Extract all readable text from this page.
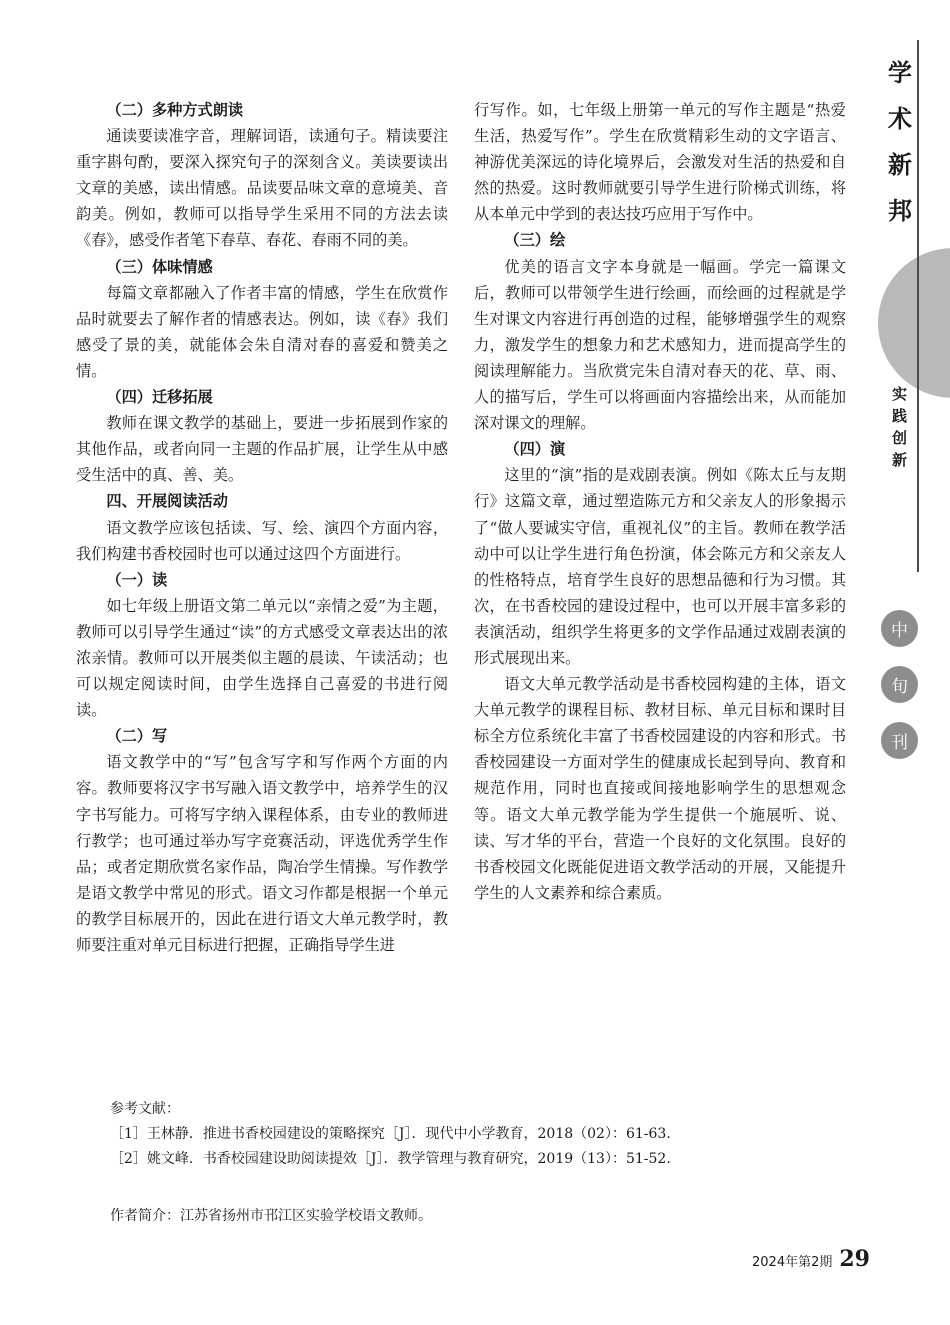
（二）多种方式朗读

通读要读准字音，理解词语，读通句子。精读要注重字斟句酌，要深入探究句子的深刻含义。美读要读出文章的美感，读出情感。品读要品味文章的意境美、音韵美。例如，教师可以指导学生采用不同的方法去读《春》，感受作者笔下春草、春花、春雨不同的美。

（三）体味情感

每篇文章都融入了作者丰富的情感，学生在欣赏作品时就要去了解作者的情感表达。例如，读《春》我们感受了景的美，就能体会朱自清对春的喜爱和赞美之情。

（四）迁移拓展

教师在课文教学的基础上，要进一步拓展到作家的其他作品，或者向同一主题的作品扩展，让学生从中感受生活中的真、善、美。

四、开展阅读活动

语文教学应该包括读、写、绘、演四个方面内容，我们构建书香校园时也可以通过这四个方面进行。

（一）读

如七年级上册语文第二单元以“亲情之爱”为主题，教师可以引导学生通过“读”的方式感受文章表达出的浓浓亲情。教师可以开展类似主题的晨读、午读活动；也可以规定阅读时间，由学生选择自己喜爱的书进行阅读。

（二）写

语文教学中的“写”包含写字和写作两个方面的内容。教师要将汉字书写融入语文教学中，培养学生的汉字书写能力。可将写字纳入课程体系，由专业的教师进行教学；也可通过举办写字竞赛活动，评选优秀学生作品；或者定期欣赏名家作品，陶冶学生情操。写作教学是语文教学中常见的形式。语文习作都是根据一个单元的教学目标展开的，因此在进行语文大单元教学时，教师要注重对单元目标进行把握，正确指导学生进

行写作。如，七年级上册第一单元的写作主题是“热爱生活，热爱写作”。学生在欣赏精彩生动的文字语言、神游优美深远的诗化境界后，会激发对生活的热爱和自然的热爱。这时教师就要引导学生进行阶梯式训练，将从本单元中学到的表达技巧应用于写作中。

（三）绘

优美的语言文字本身就是一幅画。学完一篇课文后，教师可以带领学生进行绘画，而绘画的过程就是学生对课文内容进行再创造的过程，能够增强学生的观察力，激发学生的想象力和艺术感知力，进而提高学生的阅读理解能力。当欣赏完朱自清对春天的花、草、雨、人的描写后，学生可以将画面内容描绘出来，从而能加深对课文的理解。

（四）演

这里的“演”指的是戏剧表演。例如《陈太丘与友期行》这篇文章，通过塑造陈元方和父亲友人的形象揭示了“做人要诚实守信，重视礼仪”的主旨。教师在教学活动中可以让学生进行角色扮演，体会陈元方和父亲友人的性格特点，培育学生良好的思想品德和行为习惯。其次，在书香校园的建设过程中，也可以开展丰富多彩的表演活动，组织学生将更多的文学作品通过戏剧表演的形式展现出来。

语文大单元教学活动是书香校园构建的主体，语文大单元教学的课程目标、教材目标、单元目标和课时目标全方位系统化丰富了书香校园建设的内容和形式。书香校园建设一方面对学生的健康成长起到导向、教育和规范作用，同时也直接或间接地影响学生的思想观念等。语文大单元教学能为学生提供一个施展听、说、读、写才华的平台，营造一个良好的文化氛围。良好的书香校园文化既能促进语文教学活动的开展，又能提升学生的人文素养和综合素质。

参考文献：
［1］王林静．推进书香校园建设的策略探究［J］．现代中小学教育，2018（02）：61-63.
［2］姚文峰．书香校园建设助阅读提效［J］．教学管理与教育研究，2019（13）：51-52.
作者简介：江苏省扬州市邗江区实验学校语文教师。
2024年第2期 29
学
术
新
邦
实
践
创
新
中
旬
刊
